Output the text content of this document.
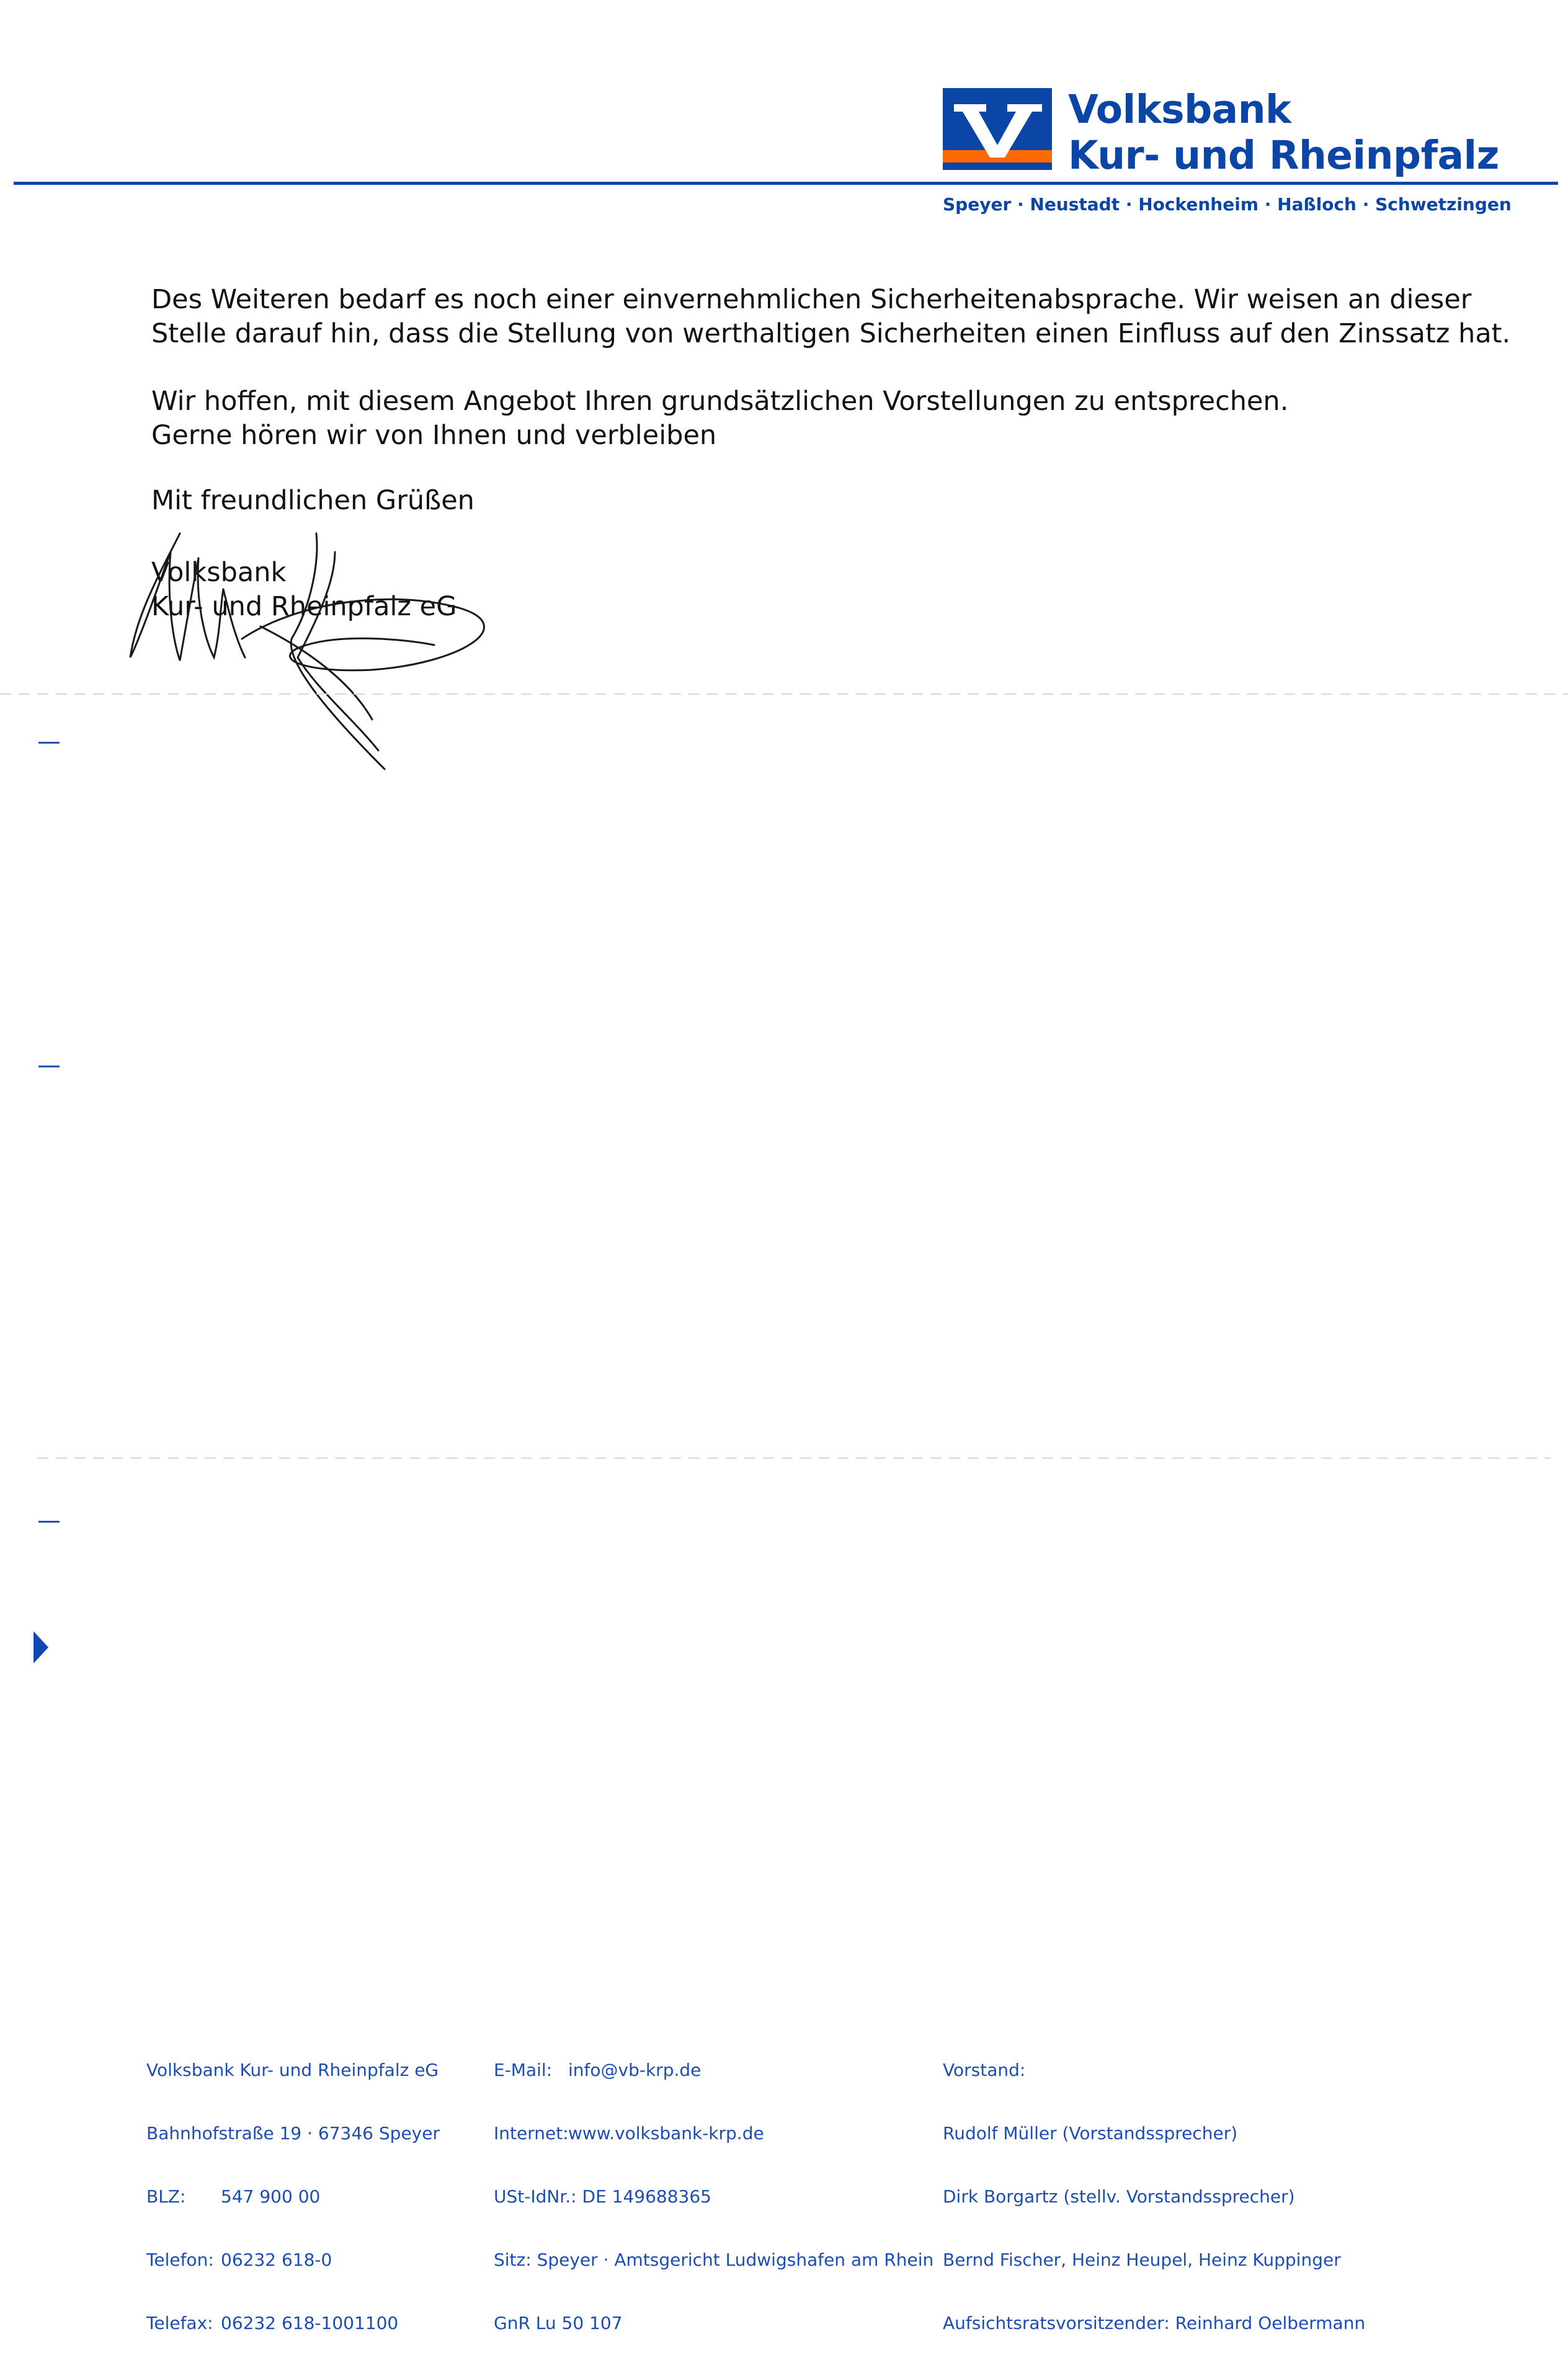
Volksbank
Kur- und Rheinpfalz
Speyer · Neustadt · Hockenheim · Haßloch · Schwetzingen
Des Weiteren bedarf es noch einer einvernehmlichen Sicherheitenabsprache. Wir weisen an dieser
Stelle darauf hin, dass die Stellung von werthaltigen Sicherheiten einen Einfluss auf den Zinssatz hat.
Wir hoffen, mit diesem Angebot Ihren grundsätzlichen Vorstellungen zu entsprechen.
Gerne hören wir von Ihnen und verbleiben
Mit freundlichen Grüßen
Volksbank
Kur- und Rheinpfalz eG

Volksbank Kur- und Rheinpfalz eG

Bahnhofstraße 19 · 67346 Speyer

BLZ:	547 900 00

Telefon: 06232 618-0

Telefax: 06232 618-1001100

E-Mail: info@vb-krp.de

Internet: www.volksbank-krp.de

USt-IdNr.: DE 149688365

Sitz: Speyer · Amtsgericht Ludwigshafen am Rhein

GnR Lu 50 107

Vorstand:

Rudolf Müller (Vorstandssprecher)

Dirk Borgartz (stellv. Vorstandssprecher)

Bernd Fischer, Heinz Heupel, Heinz Kuppinger

Aufsichtsratsvorsitzender: Reinhard Oelbermann
